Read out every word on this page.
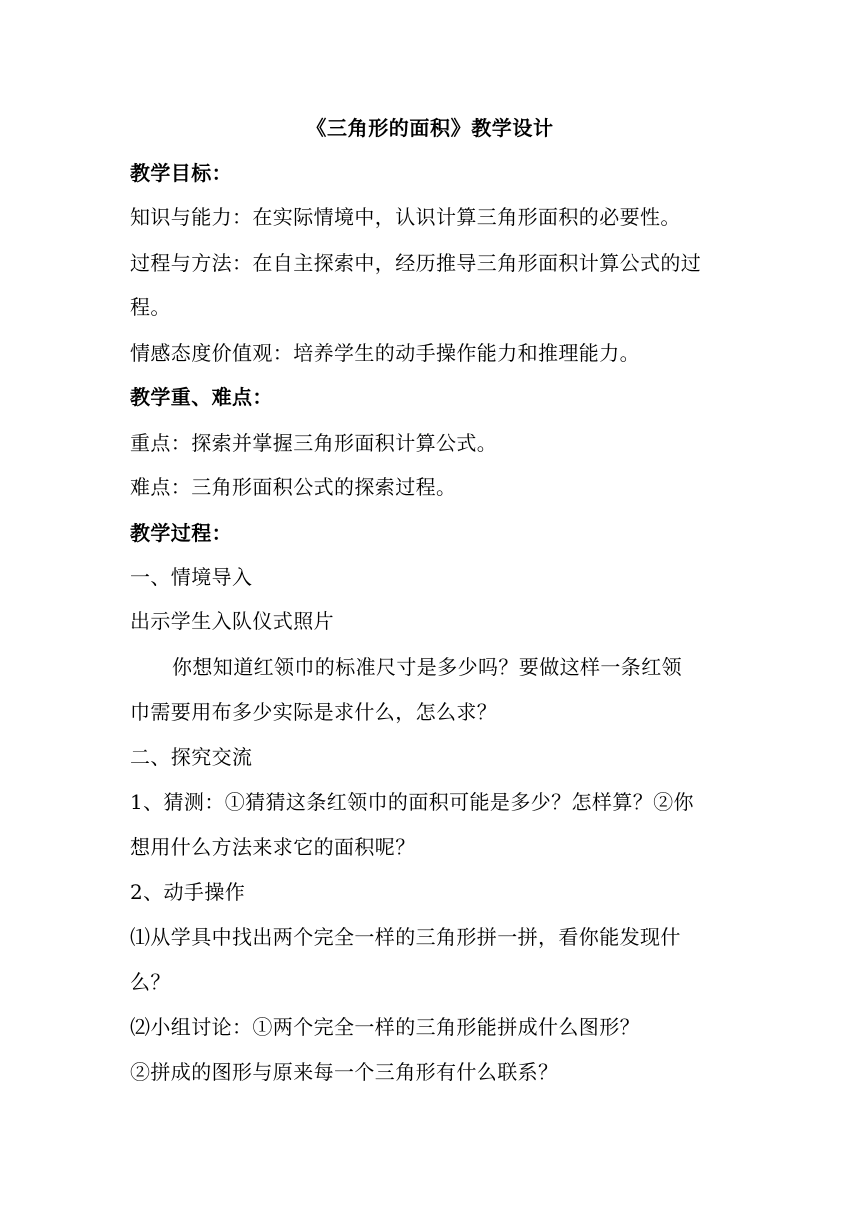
《三角形的面积》教学设计
教学目标：
知识与能力：在实际情境中，认识计算三角形面积的必要性。
过程与方法：在自主探索中，经历推导三角形面积计算公式的过
程。
情感态度价值观：培养学生的动手操作能力和推理能力。
教学重、难点：
重点：探索并掌握三角形面积计算公式。
难点：三角形面积公式的探索过程。
教学过程：
一、情境导入
出示学生入队仪式照片
你想知道红领巾的标准尺寸是多少吗？要做这样一条红领
巾需要用布多少实际是求什么，怎么求？
二、探究交流
1、猜测：①猜猜这条红领巾的面积可能是多少？怎样算？②你
想用什么方法来求它的面积呢？
2、动手操作
⑴从学具中找出两个完全一样的三角形拼一拼，看你能发现什
么？
⑵小组讨论：①两个完全一样的三角形能拼成什么图形？
②拼成的图形与原来每一个三角形有什么联系？
